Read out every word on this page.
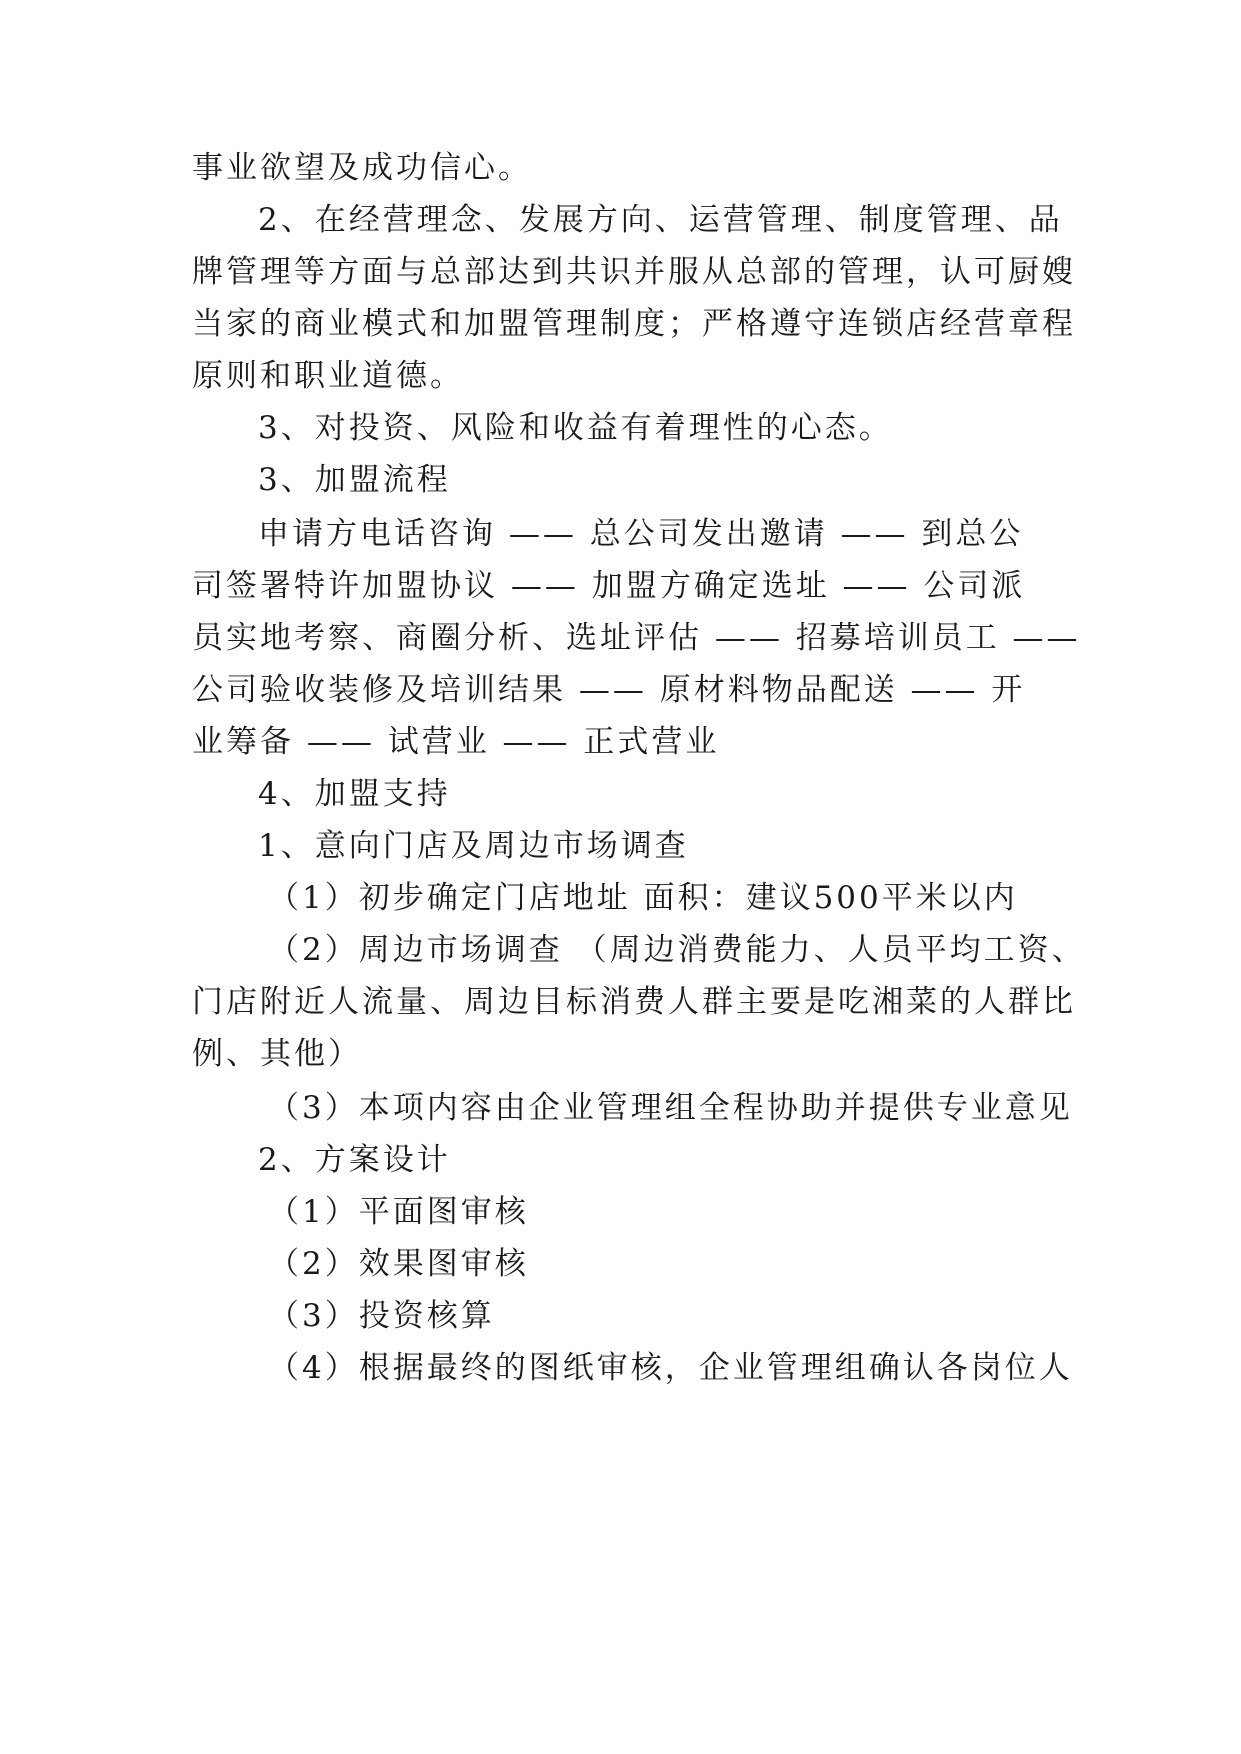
事业欲望及成功信心。
2、在经营理念、发展方向、运营管理、制度管理、品
牌管理等方面与总部达到共识并服从总部的管理，认可厨嫂
当家的商业模式和加盟管理制度；严格遵守连锁店经营章程
原则和职业道德。
3、对投资、风险和收益有着理性的心态。
3、加盟流程
申请方电话咨询 —— 总公司发出邀请 —— 到总公
司签署特许加盟协议 —— 加盟方确定选址 —— 公司派
员实地考察、商圈分析、选址评估 —— 招募培训员工 ——
公司验收装修及培训结果 —— 原材料物品配送 —— 开
业筹备 —— 试营业 —— 正式营业
4、加盟支持
1、意向门店及周边市场调查
（1）初步确定门店地址 面积：建议500平米以内
（2）周边市场调查 （周边消费能力、人员平均工资、
门店附近人流量、周边目标消费人群主要是吃湘菜的人群比
例、其他）
（3）本项内容由企业管理组全程协助并提供专业意见
2、方案设计
（1）平面图审核
（2）效果图审核
（3）投资核算
（4）根据最终的图纸审核，企业管理组确认各岗位人
